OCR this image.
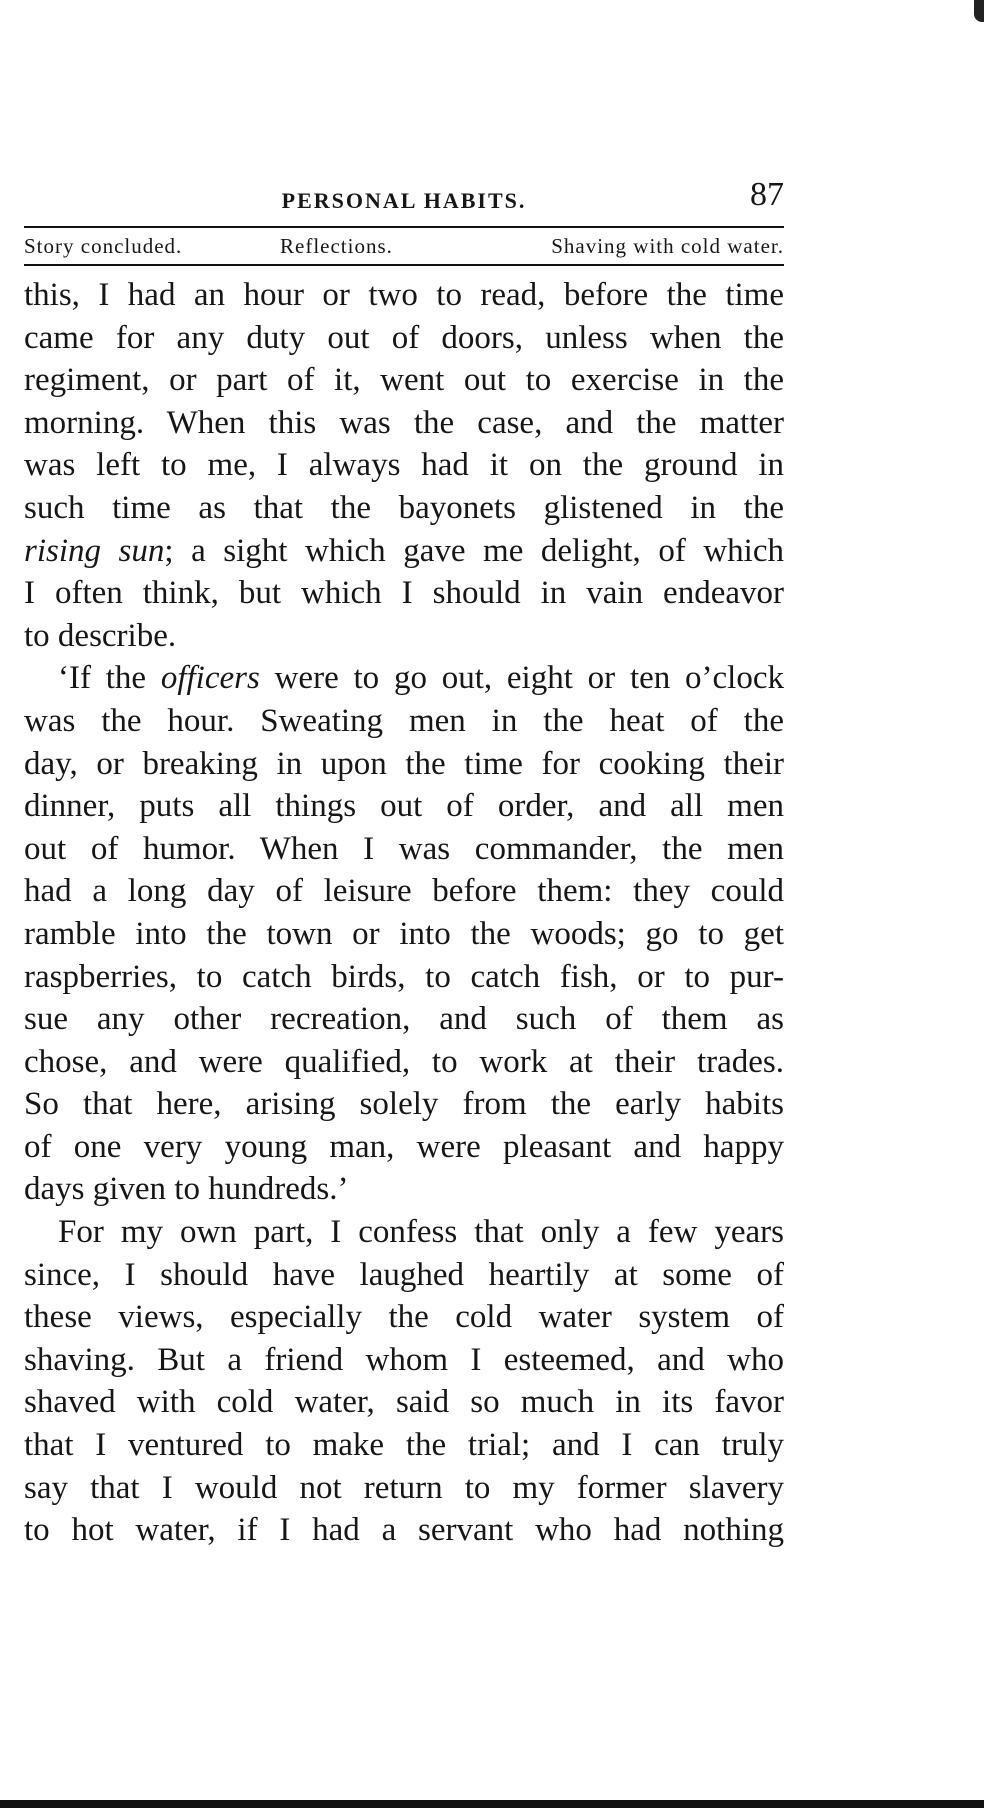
PERSONAL HABITS.	87
Story concluded.	Reflections.	Shaving with cold water.
this, I had an hour or two to read, before the time
came for any duty out of doors, unless when the
regiment, or part of it, went out to exercise in the
morning. When this was the case, and the matter
was left to me, I always had it on the ground in
such time as that the bayonets glistened in the
rising sun; a sight which gave me delight, of which
I often think, but which I should in vain endeavor
to describe.
‘If the officers were to go out, eight or ten o’clock
was the hour. Sweating men in the heat of the
day, or breaking in upon the time for cooking their
dinner, puts all things out of order, and all men
out of humor. When I was commander, the men
had a long day of leisure before them: they could
ramble into the town or into the woods; go to get
raspberries, to catch birds, to catch fish, or to pur-
sue any other recreation, and such of them as
chose, and were qualified, to work at their trades.
So that here, arising solely from the early habits
of one very young man, were pleasant and happy
days given to hundreds.’
For my own part, I confess that only a few years
since, I should have laughed heartily at some of
these views, especially the cold water system of
shaving. But a friend whom I esteemed, and who
shaved with cold water, said so much in its favor
that I ventured to make the trial; and I can truly
say that I would not return to my former slavery
to hot water, if I had a servant who had nothing
